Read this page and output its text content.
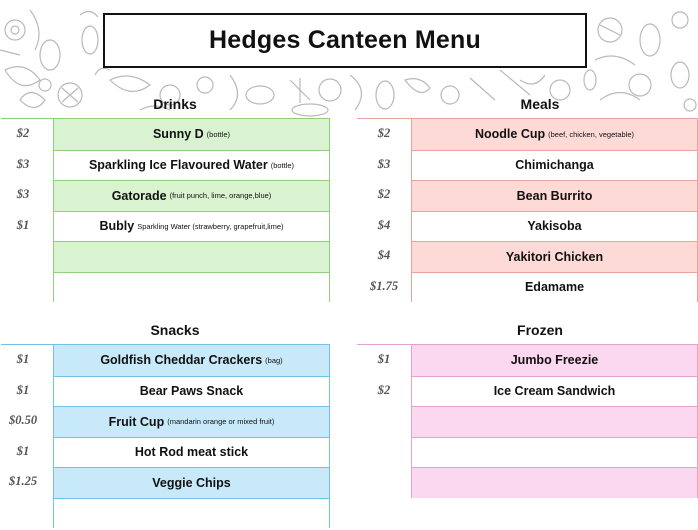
Hedges Canteen Menu
Drinks
$2
$3
$3
$1
Sunny D (bottle)
Sparkling Ice Flavoured Water (bottle)
Gatorade (fruit punch, lime, orange,blue)
Bubly Sparkling Water (strawberry, grapefruit,lime)
Meals
$2
$3
$2
$4
$4
$1.75
Noodle Cup (beef, chicken, vegetable)
Chimichanga
Bean Burrito
Yakisoba
Yakitori Chicken
Edamame
Snacks
$1
$1
$0.50
$1
$1.25
Goldfish Cheddar Crackers (bag)
Bear Paws Snack
Fruit Cup (mandarin orange or mixed fruit)
Hot Rod meat stick
Veggie Chips
Frozen
$1
$2
Jumbo Freezie
Ice Cream Sandwich
